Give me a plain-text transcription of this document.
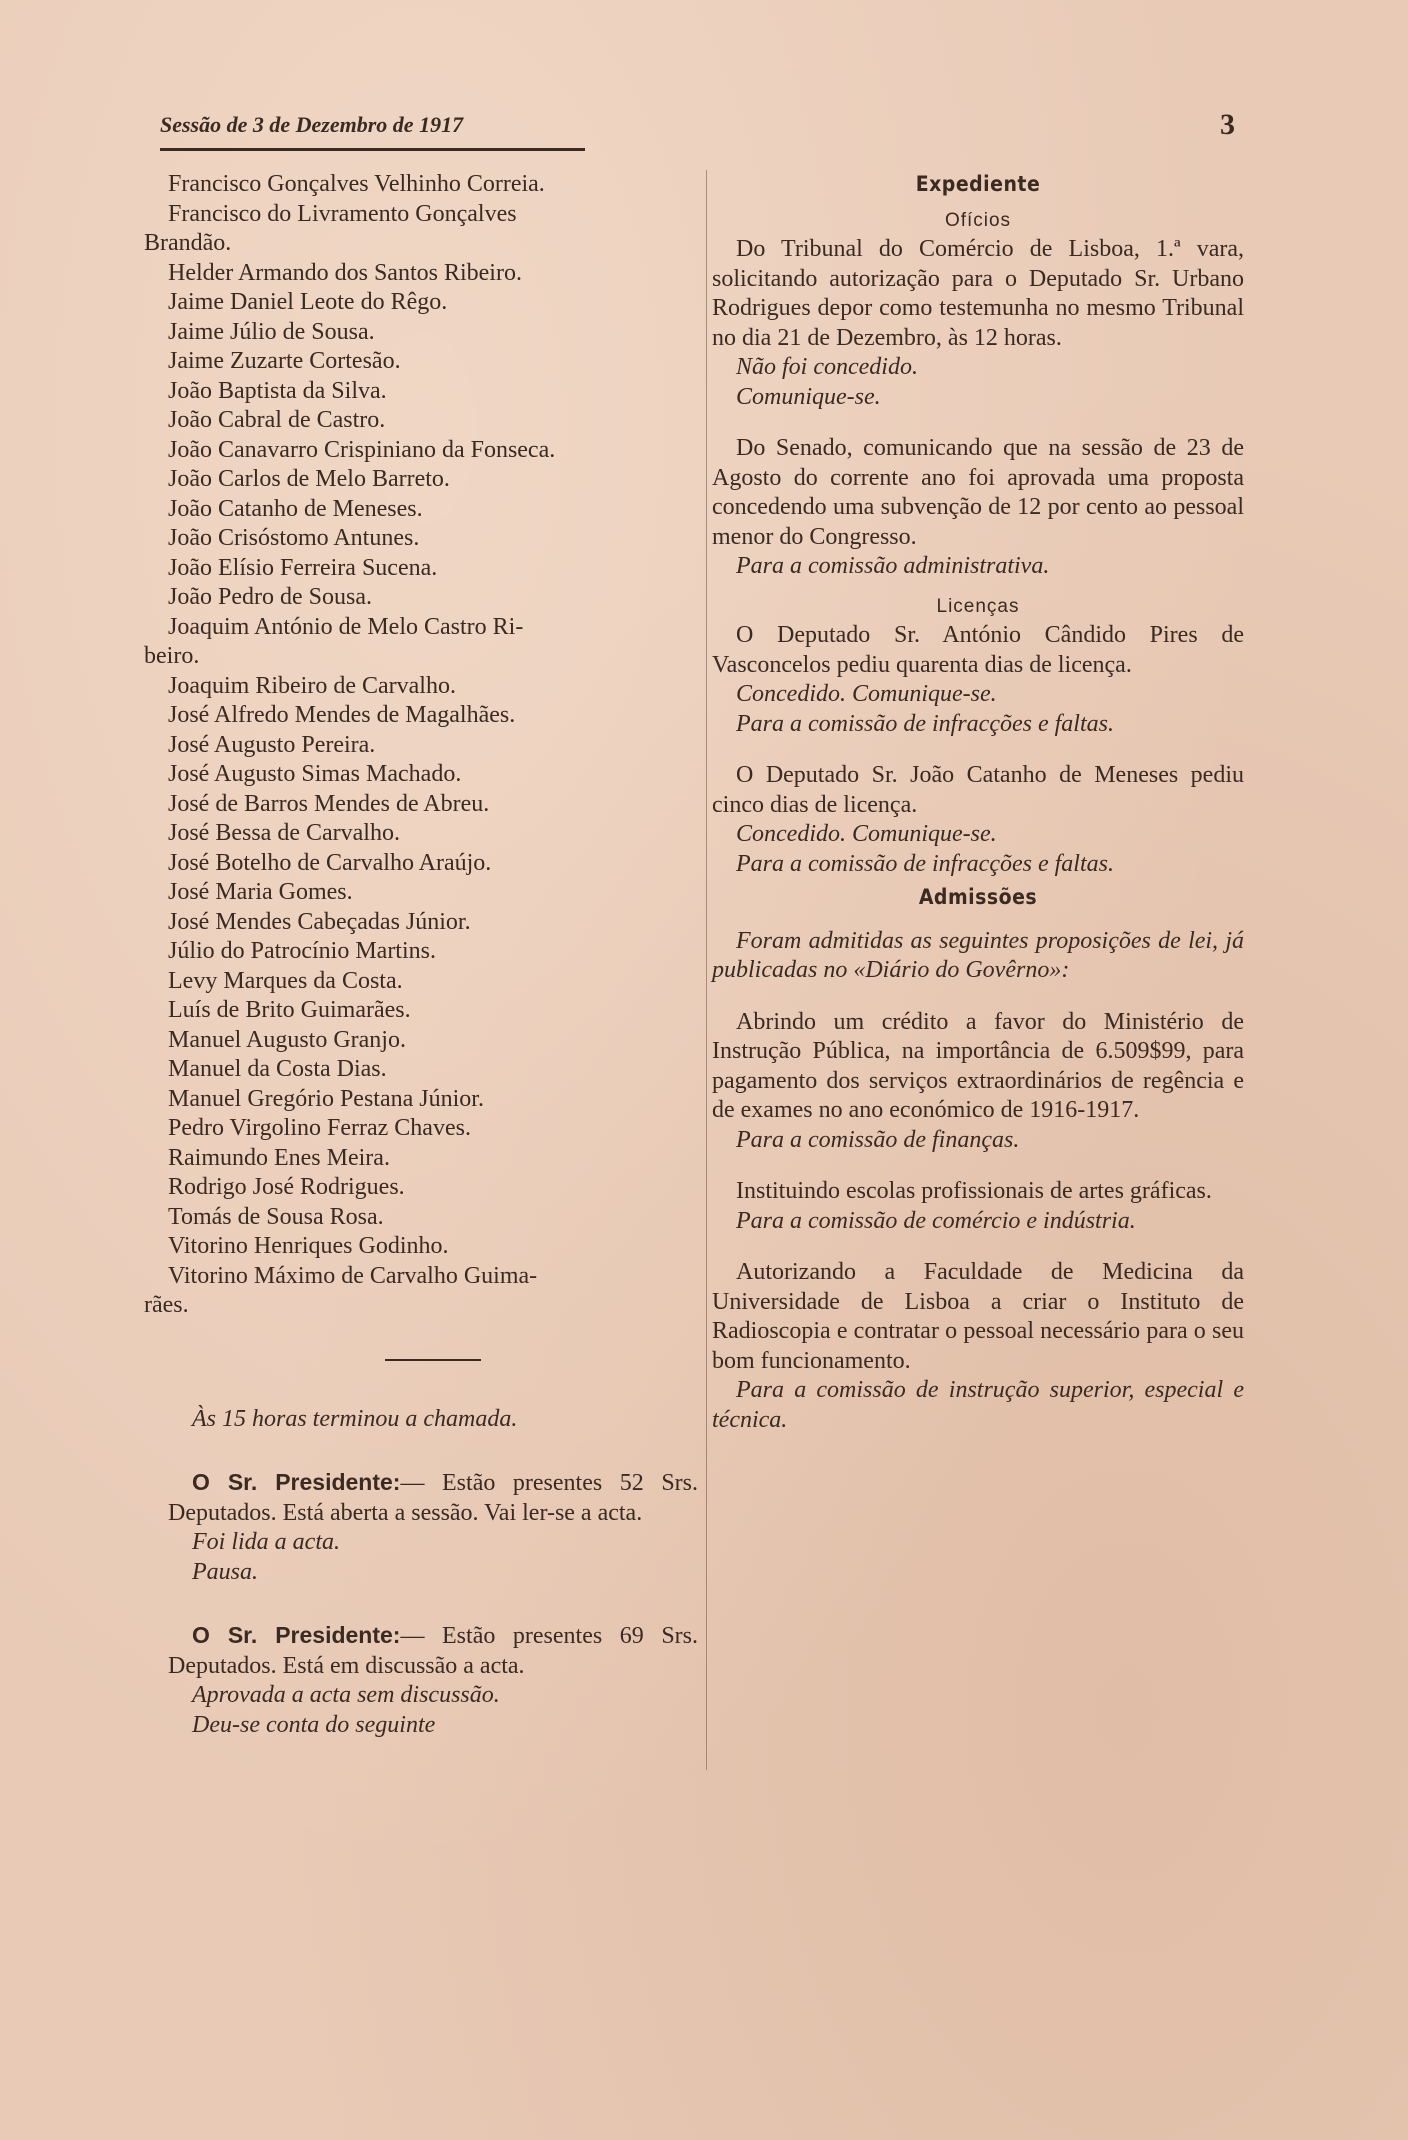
Sessão de 3 de Dezembro de 1917	3
Francisco Gonçalves Velhinho Correia.
Francisco do Livramento Gonçalves
Brandão.
Helder Armando dos Santos Ribeiro.
Jaime Daniel Leote do Rêgo.
Jaime Júlio de Sousa.
Jaime Zuzarte Cortesão.
João Baptista da Silva.
João Cabral de Castro.
João Canavarro Crispiniano da Fonseca.
João Carlos de Melo Barreto.
João Catanho de Meneses.
João Crisóstomo Antunes.
João Elísio Ferreira Sucena.
João Pedro de Sousa.
Joaquim António de Melo Castro Ri-
beiro.
Joaquim Ribeiro de Carvalho.
José Alfredo Mendes de Magalhães.
José Augusto Pereira.
José Augusto Simas Machado.
José de Barros Mendes de Abreu.
José Bessa de Carvalho.
José Botelho de Carvalho Araújo.
José Maria Gomes.
José Mendes Cabeçadas Júnior.
Júlio do Patrocínio Martins.
Levy Marques da Costa.
Luís de Brito Guimarães.
Manuel Augusto Granjo.
Manuel da Costa Dias.
Manuel Gregório Pestana Júnior.
Pedro Virgolino Ferraz Chaves.
Raimundo Enes Meira.
Rodrigo José Rodrigues.
Tomás de Sousa Rosa.
Vitorino Henriques Godinho.
Vitorino Máximo de Carvalho Guima-
rães.
Às 15 horas terminou a chamada.

O Sr. Presidente:— Estão presentes 52 Srs. Deputados. Está aberta a sessão. Vai ler-se a acta.

Foi lida a acta.
Pausa.

O Sr. Presidente:— Estão presentes 69 Srs. Deputados. Está em discussão a acta.

Aprovada a acta sem discussão.
Deu-se conta do seguinte
Expediente
Ofícios

Do Tribunal do Comércio de Lisboa, 1.ª vara, solicitando autorização para o Deputado Sr. Urbano Rodrigues depor como testemunha no mesmo Tribunal no dia 21 de Dezembro, às 12 horas.

Não foi concedido.
Comunique-se.

Do Senado, comunicando que na sessão de 23 de Agosto do corrente ano foi aprovada uma proposta concedendo uma subvenção de 12 por cento ao pessoal menor do Congresso.

Para a comissão administrativa.
Licenças

O Deputado Sr. António Cândido Pires de Vasconcelos pediu quarenta dias de licença.

Concedido. Comunique-se.
Para a comissão de infracções e faltas.

O Deputado Sr. João Catanho de Meneses pediu cinco dias de licença.

Concedido. Comunique-se.
Para a comissão de infracções e faltas.
Admissões

Foram admitidas as seguintes proposições de lei, já publicadas no «Diário do Govêrno»:

Abrindo um crédito a favor do Ministério de Instrução Pública, na importância de 6.509$99, para pagamento dos serviços extraordinários de regência e de exames no ano económico de 1916-1917.

Para a comissão de finanças.

Instituindo escolas profissionais de artes gráficas.

Para a comissão de comércio e indústria.

Autorizando a Faculdade de Medicina da Universidade de Lisboa a criar o Instituto de Radioscopia e contratar o pessoal necessário para o seu bom funcionamento.

Para a comissão de instrução superior, especial e técnica.
